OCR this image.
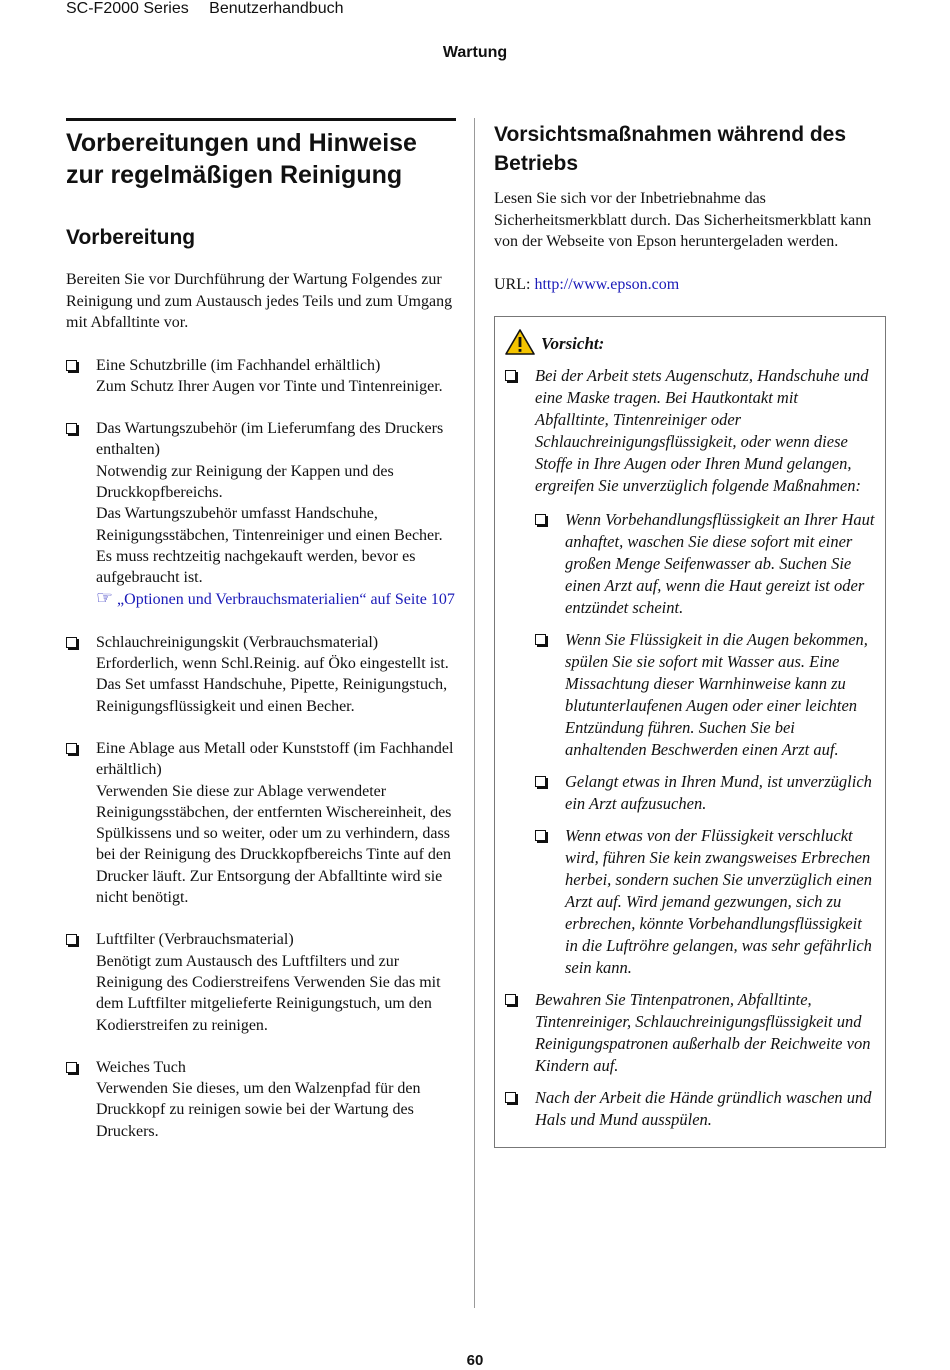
SC-F2000 Series Benutzerhandbuch
Wartung
Vorbereitungen und Hinweise zur regelmäßigen Reinigung
Vorbereitung

Bereiten Sie vor Durchführung der Wartung Folgendes zur Reinigung und zum Austausch jedes Teils und zum Umgang mit Abfalltinte vor.

Eine Schutzbrille (im Fachhandel erhältlich)
Zum Schutz Ihrer Augen vor Tinte und Tintenreiniger.
Das Wartungszubehör (im Lieferumfang des Druckers enthalten)
Notwendig zur Reinigung der Kappen und des Druckkopfbereichs.
Das Wartungszubehör umfasst Handschuhe, Reinigungsstäbchen, Tintenreiniger und einen Becher. Es muss rechtzeitig nachgekauft werden, bevor es aufgebraucht ist.
☞ „Optionen und Verbrauchsmaterialien“ auf Seite 107
Schlauchreinigungskit (Verbrauchsmaterial)
Erforderlich, wenn Schl.Reinig. auf Öko eingestellt ist.
Das Set umfasst Handschuhe, Pipette, Reinigungstuch, Reinigungsflüssigkeit und einen Becher.
Eine Ablage aus Metall oder Kunststoff (im Fachhandel erhältlich)
Verwenden Sie diese zur Ablage verwendeter Reinigungsstäbchen, der entfernten Wischereinheit, des Spülkissens und so weiter, oder um zu verhindern, dass bei der Reinigung des Druckkopfbereichs Tinte auf den Drucker läuft. Zur Entsorgung der Abfalltinte wird sie nicht benötigt.
Luftfilter (Verbrauchsmaterial)
Benötigt zum Austausch des Luftfilters und zur Reinigung des Codierstreifens Verwenden Sie das mit dem Luftfilter mitgelieferte Reinigungstuch, um den Kodierstreifen zu reinigen.
Weiches Tuch
Verwenden Sie dieses, um den Walzenpfad für den Druckkopf zu reinigen sowie bei der Wartung des Druckers.
Vorsichtsmaßnahmen während des Betriebs

Lesen Sie sich vor der Inbetriebnahme das Sicherheitsmerkblatt durch. Das Sicherheitsmerkblatt kann von der Webseite von Epson heruntergeladen werden.

URL: http://www.epson.com

Vorsicht:
Bei der Arbeit stets Augenschutz, Handschuhe und eine Maske tragen. Bei Hautkontakt mit Abfalltinte, Tintenreiniger oder Schlauchreinigungsflüssigkeit, oder wenn diese Stoffe in Ihre Augen oder Ihren Mund gelangen, ergreifen Sie unverzüglich folgende Maßnahmen:
Wenn Vorbehandlungsflüssigkeit an Ihrer Haut anhaftet, waschen Sie diese sofort mit einer großen Menge Seifenwasser ab. Suchen Sie einen Arzt auf, wenn die Haut gereizt ist oder entzündet scheint.
Wenn Sie Flüssigkeit in die Augen bekommen, spülen Sie sie sofort mit Wasser aus. Eine Missachtung dieser Warnhinweise kann zu blutunterlaufenen Augen oder einer leichten Entzündung führen. Suchen Sie bei anhaltenden Beschwerden einen Arzt auf.
Gelangt etwas in Ihren Mund, ist unverzüglich ein Arzt aufzusuchen.
Wenn etwas von der Flüssigkeit verschluckt wird, führen Sie kein zwangsweises Erbrechen herbei, sondern suchen Sie unverzüglich einen Arzt auf. Wird jemand gezwungen, sich zu erbrechen, könnte Vorbehandlungsflüssigkeit in die Luftröhre gelangen, was sehr gefährlich sein kann.
Bewahren Sie Tintenpatronen, Abfalltinte, Tintenreiniger, Schlauchreinigungsflüssigkeit und Reinigungspatronen außerhalb der Reichweite von Kindern auf.
Nach der Arbeit die Hände gründlich waschen und Hals und Mund ausspülen.
60
